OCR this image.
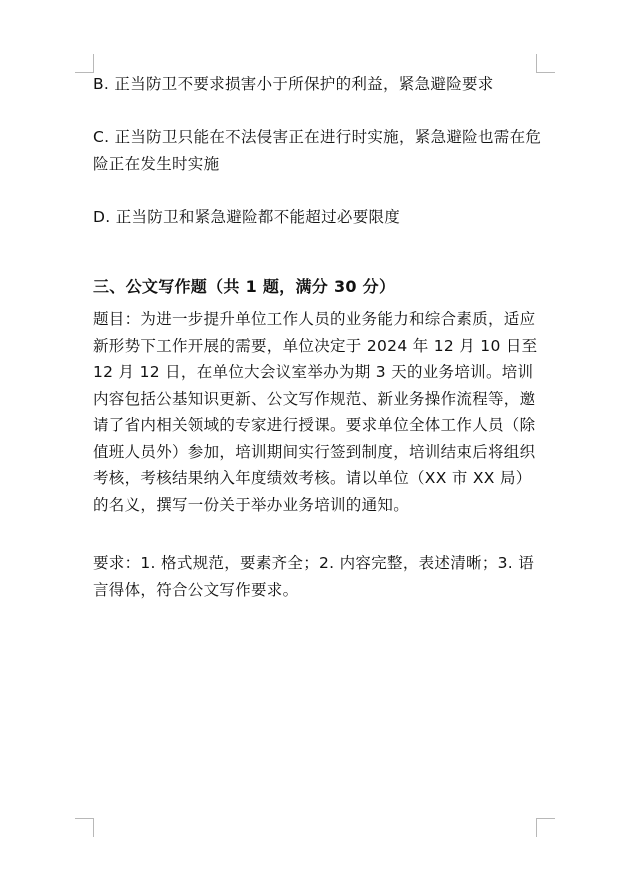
B. 正当防卫不要求损害小于所保护的利益，紧急避险要求
C. 正当防卫只能在不法侵害正在进行时实施，紧急避险也需在危险正在发生时实施
D. 正当防卫和紧急避险都不能超过必要限度
三、公文写作题（共 1 题，满分 30 分）
题目：为进一步提升单位工作人员的业务能力和综合素质，适应新形势下工作开展的需要，单位决定于 2024 年 12 月 10 日至 12 月 12 日，在单位大会议室举办为期 3 天的业务培训。培训内容包括公基知识更新、公文写作规范、新业务操作流程等，邀请了省内相关领域的专家进行授课。要求单位全体工作人员（除值班人员外）参加，培训期间实行签到制度，培训结束后将组织考核，考核结果纳入年度绩效考核。请以单位（XX 市 XX 局）的名义，撰写一份关于举办业务培训的通知。
要求：1. 格式规范，要素齐全；2. 内容完整，表述清晰；3. 语言得体，符合公文写作要求。
